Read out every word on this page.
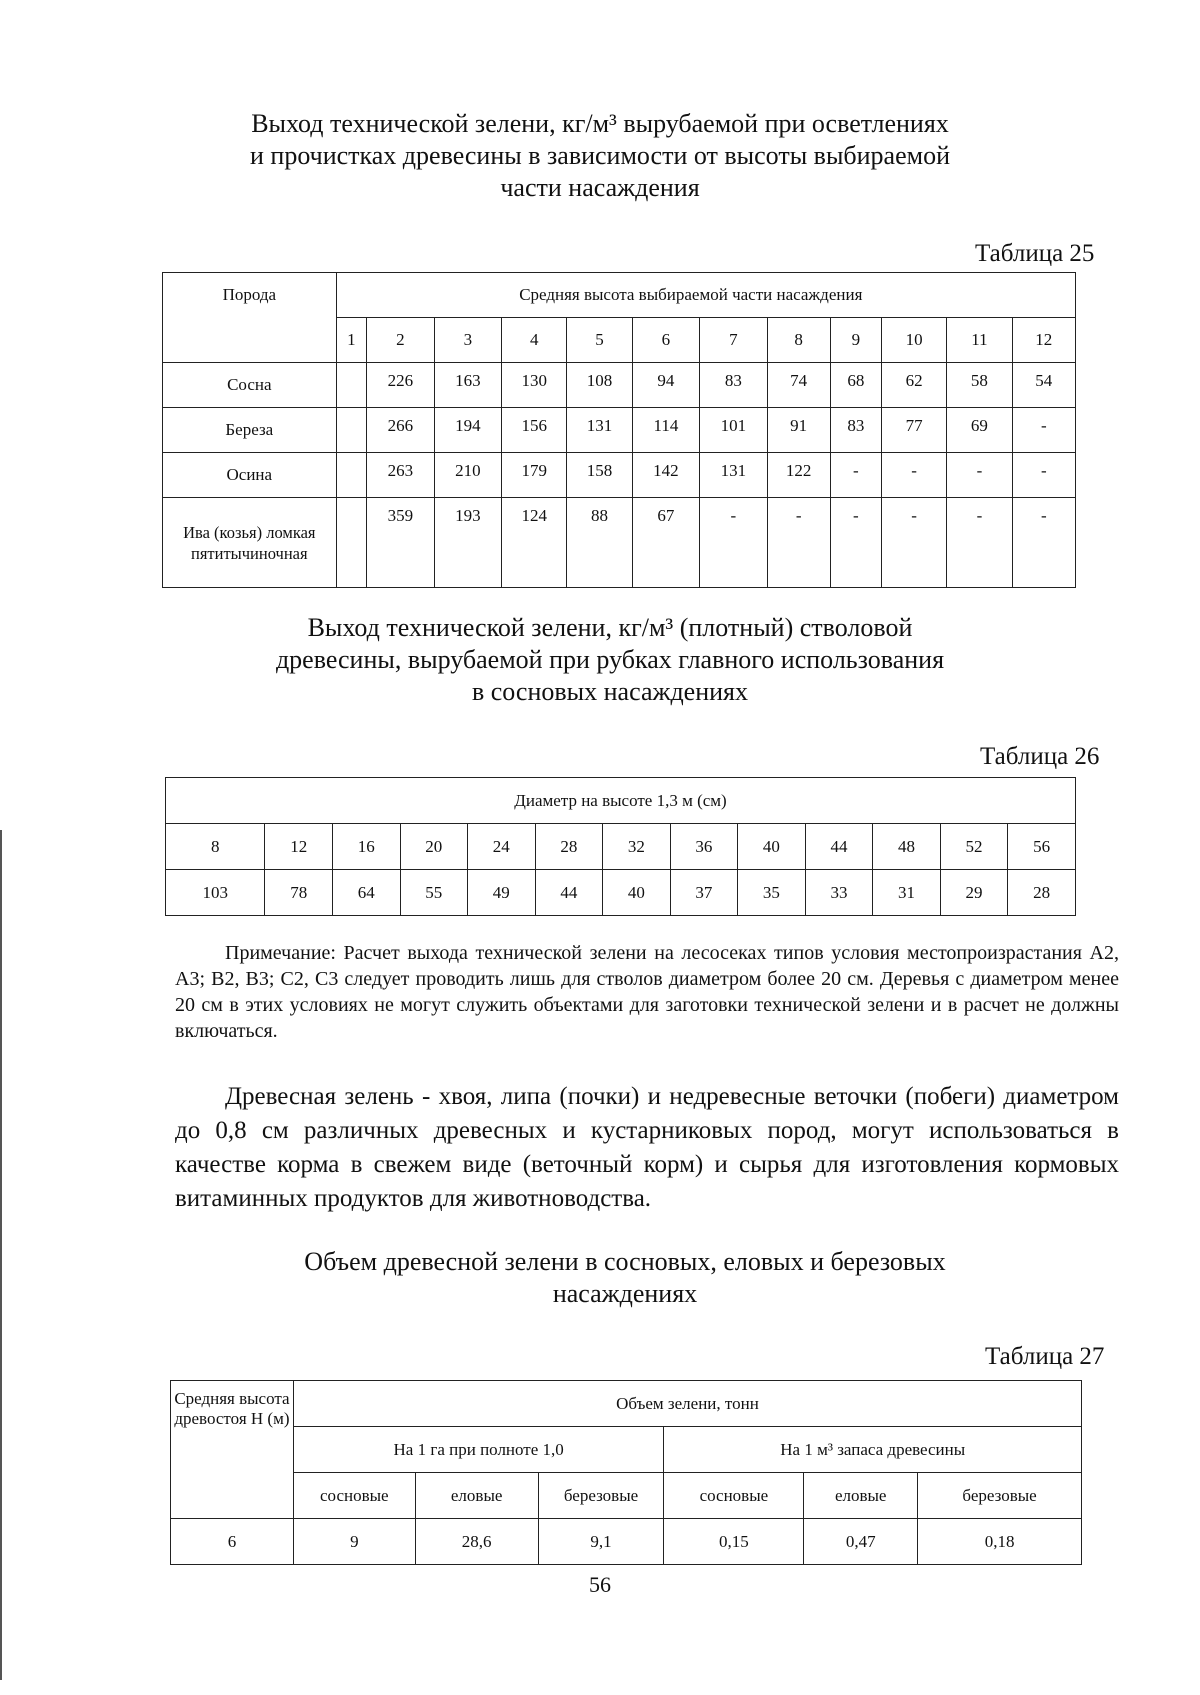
Выход технической зелени, кг/м³ вырубаемой при осветлениях
и прочистках древесины в зависимости от высоты выбираемой
части насаждения
Таблица 25
Порода	Средняя высота выбираемой части насаждения											
	1	2	3	4	5	6	7	8	9	10	11	12
Сосна		226	163	130	108	94	83	74	68	62	58	54
Береза		266	194	156	131	114	101	91	83	77	69	-
Осина		263	210	179	158	142	131	122	-	-	-	-
Ива (козья) ломкая пятитычиночная		359	193	124	88	67	-	-	-	-	-	-
Выход технической зелени, кг/м³ (плотный) стволовой
древесины, вырубаемой при рубках главного использования
в сосновых насаждениях
Таблица 26
Диаметр на высоте 1,3 м (см)												
8	12	16	20	24	28	32	36	40	44	48	52	56
103	78	64	55	49	44	40	37	35	33	31	29	28
Примечание: Расчет выхода технической зелени на лесосеках типов условия местопроизрастания А2, А3; В2, В3; С2, С3 следует проводить лишь для стволов диаметром более 20 см. Деревья с диаметром менее 20 см в этих условиях не могут служить объектами для заготовки технической зелени и в расчет не должны включаться.
Древесная зелень - хвоя, липа (почки) и недревесные веточки (побеги) диаметром до 0,8 см различных древесных и кустарниковых пород, могут использоваться в качестве корма в свежем виде (веточный корм) и сырья для изготовления кормовых витаминных продуктов для животноводства.
Объем древесной зелени в сосновых, еловых и березовых
насаждениях
Таблица 27
Средняя высота древостоя Н (м)	Объем зелени, тонн					
	На 1 га при полноте 1,0			На 1 м³ запаса древесины		
	сосновые	еловые	березовые	сосновые	еловые	березовые
6	9	28,6	9,1	0,15	0,47	0,18
56
